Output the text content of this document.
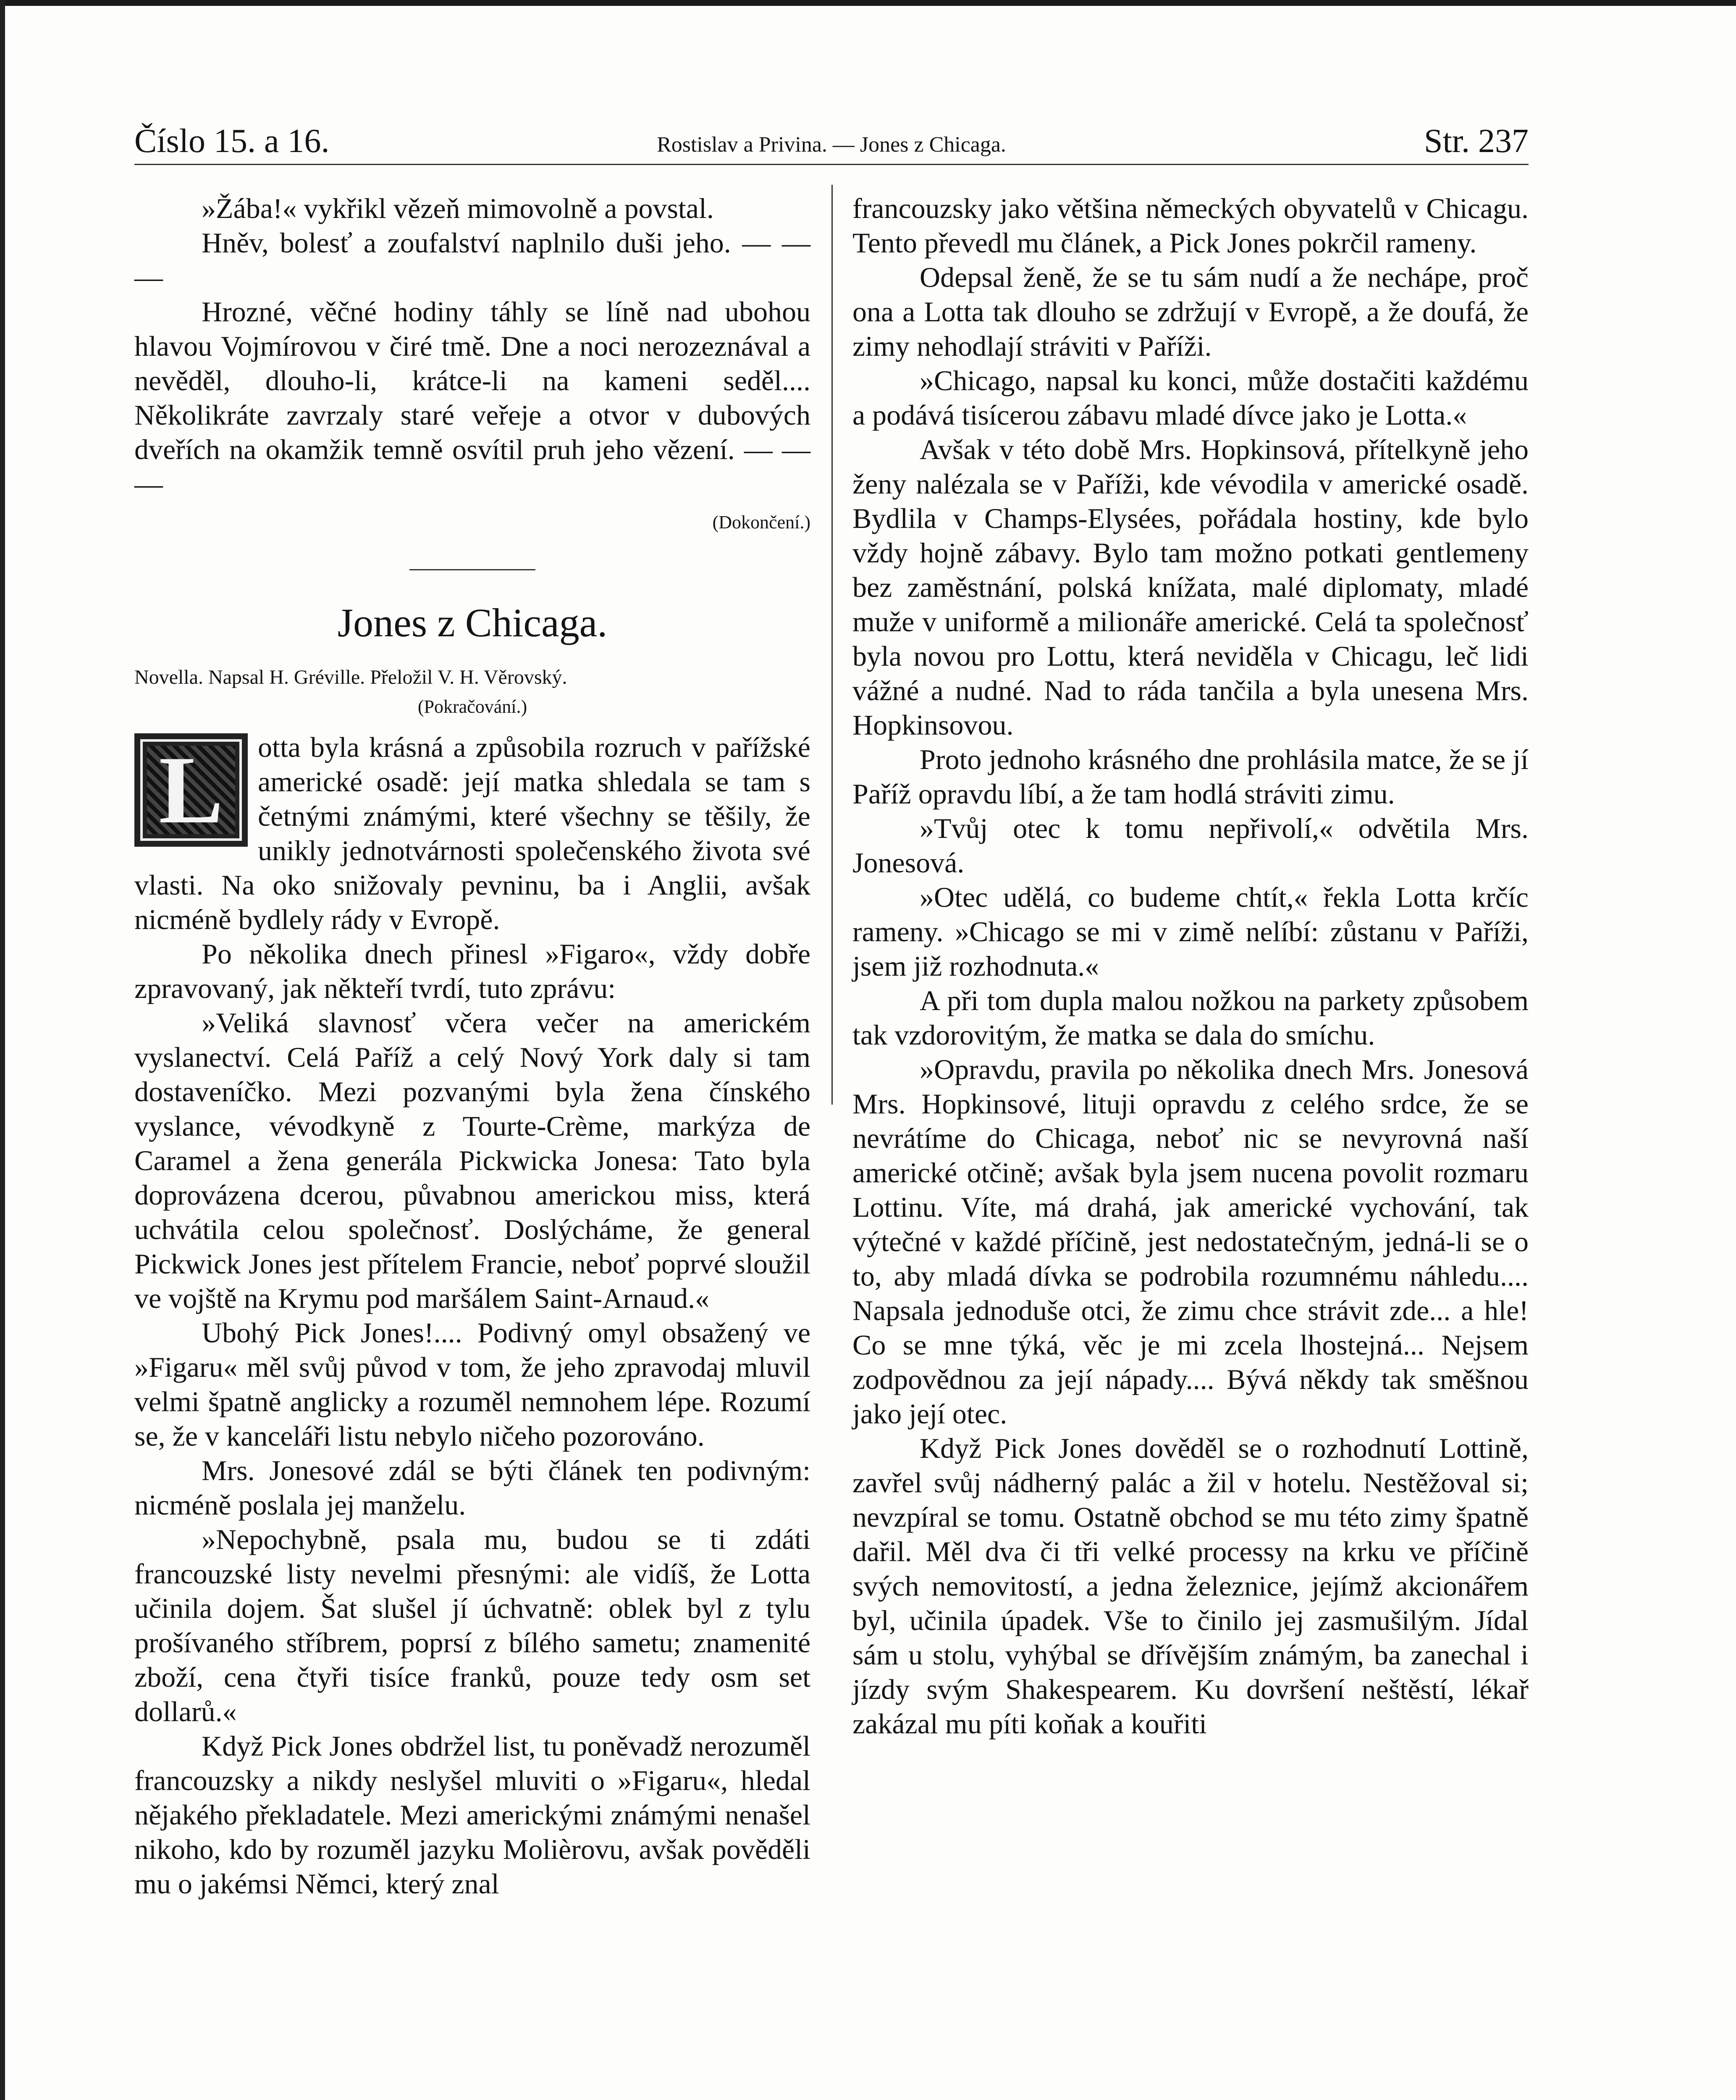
Číslo 15. a 16.	Rostislav a Privina. — Jones z Chicaga.	Str. 237

»Žába!« vykřikl vězeň mimovolně a povstal.

Hněv, bolesť a zoufalství naplnilo duši jeho. — — —

Hrozné, věčné hodiny táhly se líně nad ubohou hlavou Vojmírovou v čiré tmě. Dne a noci nerozeznával a nevěděl, dlouho-li, krátce-li na kameni seděl.... Několikráte zavrzaly staré veřeje a otvor v dubových dveřích na okamžik temně osvítil pruh jeho vězení. — — —

(Dokončení.)
Jones z Chicaga.
Novella. Napsal H. Gréville. Přeložil V. H. Věrovský.
(Pokračování.)
L	otta byla krásná a způsobila rozruch v pařížské americké osadě: její matka shledala se tam s četnými známými, které všechny se těšily, že unikly jednotvárnosti společenského života své vlasti. Na oko snižovaly pevninu, ba i Anglii, avšak nicméně bydlely rády v Evropě.

Po několika dnech přinesl »Figaro«, vždy dobře zpravovaný, jak někteří tvrdí, tuto zprávu:

»Veliká slavnosť včera večer na americkém vyslanectví. Celá Paříž a celý Nový York daly si tam dostaveníčko. Mezi pozvanými byla žena čínského vyslance, vévodkyně z Tourte-Crème, markýza de Caramel a žena generála Pickwicka Jonesa: Tato byla doprovázena dcerou, půvabnou americkou miss, která uchvátila celou společnosť. Doslýcháme, že general Pickwick Jones jest přítelem Francie, neboť poprvé sloužil ve vojště na Krymu pod maršálem Saint-Arnaud.«

Ubohý Pick Jones!.... Podivný omyl obsažený ve »Figaru« měl svůj původ v tom, že jeho zpravodaj mluvil velmi špatně anglicky a rozuměl nemnohem lépe. Rozumí se, že v kanceláři listu nebylo ničeho pozorováno.

Mrs. Jonesové zdál se býti článek ten podivným: nicméně poslala jej manželu.

»Nepochybně, psala mu, budou se ti zdáti francouzské listy nevelmi přesnými: ale vidíš, že Lotta učinila dojem. Šat slušel jí úchvatně: oblek byl z tylu prošívaného stříbrem, poprsí z bílého sametu; znamenité zboží, cena čtyři tisíce franků, pouze tedy osm set dollarů.«

Když Pick Jones obdržel list, tu poněvadž nerozuměl francouzsky a nikdy neslyšel mluviti o »Figaru«, hledal nějakého překladatele. Mezi americkými známými nenašel nikoho, kdo by rozuměl jazyku Molièrovu, avšak pověděli mu o jakémsi Němci, který znal

francouzsky jako většina německých obyvatelů v Chicagu. Tento převedl mu článek, a Pick Jones pokrčil rameny.

Odepsal ženě, že se tu sám nudí a že nechápe, proč ona a Lotta tak dlouho se zdržují v Evropě, a že doufá, že zimy nehodlají stráviti v Paříži.

»Chicago, napsal ku konci, může dostačiti každému a podává tisícerou zábavu mladé dívce jako je Lotta.«

Avšak v této době Mrs. Hopkinsová, přítelkyně jeho ženy nalézala se v Paříži, kde vévodila v americké osadě. Bydlila v Champs-Elysées, pořádala hostiny, kde bylo vždy hojně zábavy. Bylo tam možno potkati gentlemeny bez zaměstnání, polská knížata, malé diplomaty, mladé muže v uniformě a milionáře americké. Celá ta společnosť byla novou pro Lottu, která neviděla v Chicagu, leč lidi vážné a nudné. Nad to ráda tančila a byla unesena Mrs. Hopkinsovou.

Proto jednoho krásného dne prohlásila matce, že se jí Paříž opravdu líbí, a že tam hodlá stráviti zimu.

»Tvůj otec k tomu nepřivolí,« odvětila Mrs. Jonesová.

»Otec udělá, co budeme chtít,« řekla Lotta krčíc rameny. »Chicago se mi v zimě nelíbí: zůstanu v Paříži, jsem již rozhodnuta.«

A při tom dupla malou nožkou na parkety způsobem tak vzdorovitým, že matka se dala do smíchu.

»Opravdu, pravila po několika dnech Mrs. Jonesová Mrs. Hopkinsové, lituji opravdu z celého srdce, že se nevrátíme do Chicaga, neboť nic se nevyrovná naší americké otčině; avšak byla jsem nucena povolit rozmaru Lottinu. Víte, má drahá, jak americké vychování, tak výtečné v každé příčině, jest nedostatečným, jedná-li se o to, aby mladá dívka se podrobila rozumnému náhledu.... Napsala jednoduše otci, že zimu chce strávit zde... a hle! Co se mne týká, věc je mi zcela lhostejná... Nejsem zodpovědnou za její nápady.... Bývá někdy tak směšnou jako její otec.

Když Pick Jones dověděl se o rozhodnutí Lottině, zavřel svůj nádherný palác a žil v hotelu. Nestěžoval si; nevzpíral se tomu. Ostatně obchod se mu této zimy špatně dařil. Měl dva či tři velké processy na krku ve příčině svých nemovitostí, a jedna železnice, jejímž akcionářem byl, učinila úpadek. Vše to činilo jej zasmušilým. Jídal sám u stolu, vyhýbal se dřívějším známým, ba zanechal i jízdy svým Shakespearem. Ku dovršení neštěstí, lékař zakázal mu píti koňak a kouřiti
